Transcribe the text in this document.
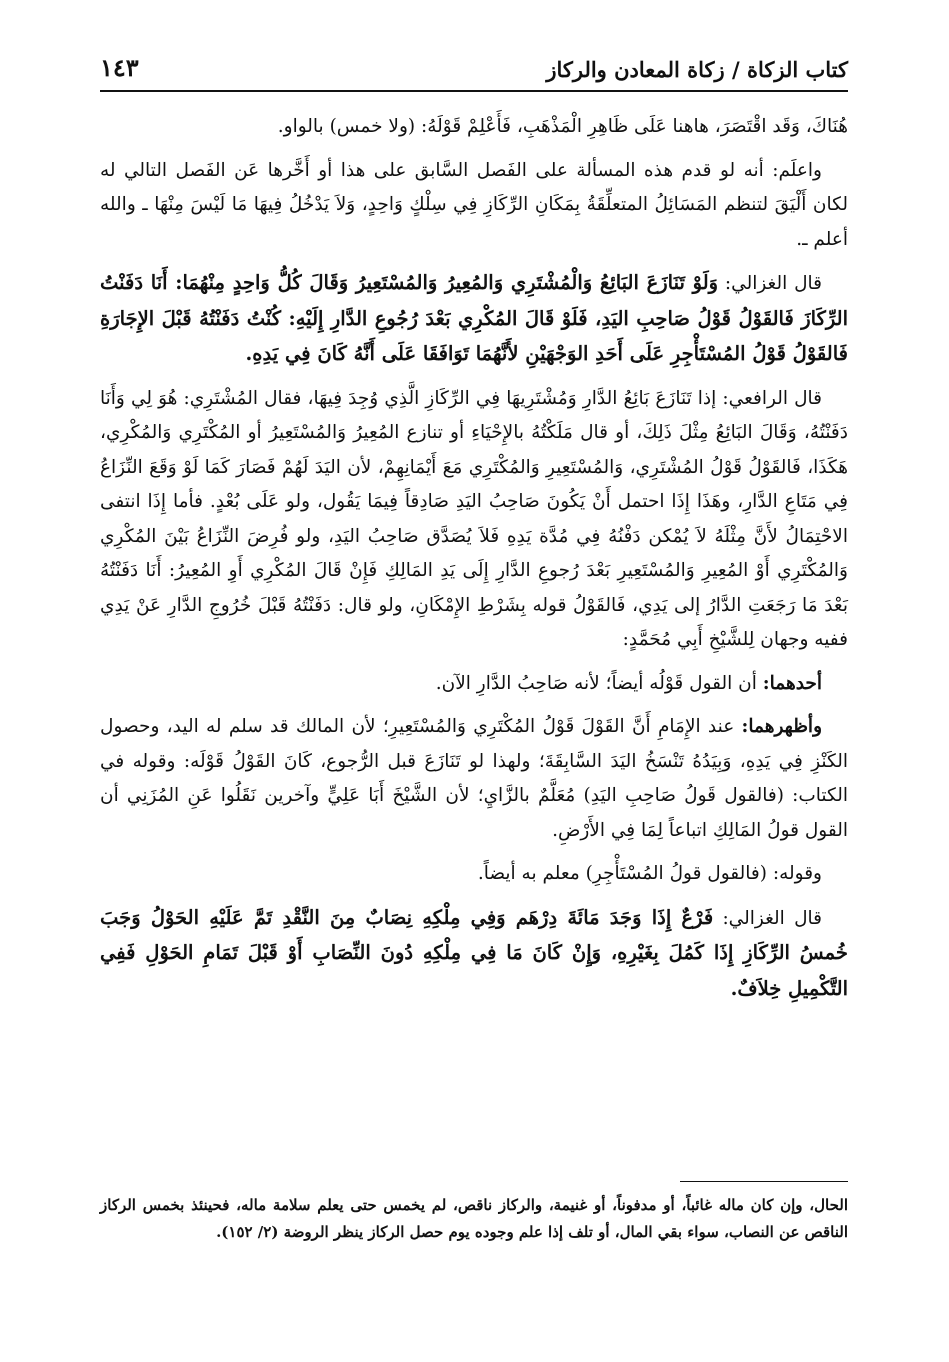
كتاب الزكاة / زكاة المعادن والركاز
١٤٣

هُنَاكَ، وَقَد اقْتَصَرَ، هاهنا عَلَى ظَاهِرِ الْمَذْهَبِ، فَأَعْلِمْ قَوْلَهُ: (ولا خمس) بالواو.

واعلَم: أنه لو قدم هذه المسألة على الفَصل السَّابق على هذا أو أَخَّرها عَن الفَصل التالي له لكان أَلْيَقَ لتنظم المَسَائِلُ المتعلِّقَةُ بِمَكَانِ الرِّكَازِ فِي سِلْكٍ وَاحِدٍ، وَلاَ يَدْخُلُ فِيهَا مَا لَيْسَ مِنْهَا ـ والله أعلم ـ.

قال الغزالي: وَلَوْ تَنَازَعَ البَائِعُ وَالْمُشْتَرِي وَالمُعِيرُ وَالمُسْتَعِيرُ وَقَالَ كُلُّ وَاحِدٍ مِنْهُمَا: أَنَا دَفَنْتُ الرِّكَازَ فَالقَوْلُ قَوْلُ صَاحِبِ اليَدِ، فَلَوْ قَالَ المُكْرِي بَعْدَ رُجُوعِ الدَّارِ إِلَيْهِ: كُنْتُ دَفَنْتُهُ قَبْلَ الإِجَارَةِ فَالقَوْلُ قَوْلُ المُسْتَأْجِرِ عَلَى أَحَدِ الوَجْهَيْنِ لأَنَّهُمَا تَوَافَقَا عَلَى أَنَّهُ كَانَ فِي يَدِهِ.

قال الرافعي: إذا تَنَازَعَ بَائِعُ الدَّارِ وَمُشْتَرِيهَا فِي الرِّكَازِ الَّذِي وُجِدَ فِيهَا، فقال المُشْتَرِي: هُوَ لِي وَأَنَا دَفَنْتُهُ، وَقَالَ البَائِعُ مِثْلَ ذَلِكَ، أو قال مَلَكْتُهُ بالإِحْيَاءِ أو تنازع المُعِيرُ وَالمُسْتَعِيرُ أو المُكْتَرِي وَالمُكْرِي، هَكَذَا، فَالقَوْلُ قَوْلُ المُشْتَرِي، وَالمُسْتَعِيرِ وَالمُكْتَرِي مَعَ أَيْمَانِهِمْ، لأن اليَدَ لَهُمْ فَصَارَ كَمَا لَوْ وَقَعَ النِّزَاعُ فِي مَتَاعِ الدَّارِ، وهَذَا إِذَا احتمل أَنْ يَكُونَ صَاحِبُ اليَدِ صَادِقاً فِيمَا يَقُول، ولو عَلَى بُعْدٍ. فأما إِذَا انتفى الاحْتِمَالُ لأَنَّ مِثْلَهُ لاَ يُمْكن دَفْنُهُ فِي مُدَّة يَدِهِ فَلاَ يُصَدَّق صَاحِبُ اليَدِ، ولو فُرِضَ النِّزَاعُ بَيْنَ المُكْرِي وَالمُكْتَرِي أَوْ المُعِيرِ وَالمُسْتَعِيرِ بَعْدَ رُجوعِ الدَّارِ إِلَى يَدِ المَالِكِ فَإِنْ قَالَ المُكْرِي أَوِ المُعِيرُ: أَنَا دَفَنْتُهُ بَعْدَ مَا رَجَعَتِ الدَّارُ إلى يَدِي، فَالقَوْلُ قوله بِشَرْطِ الإِمْكَانِ، ولو قال: دَفَنْتُهُ قَبْلَ خُرُوجِ الدَّارِ عَنْ يَدِي ففيه وجهان لِلشَّيْخِ أَبِي مُحَمَّدٍ:

أحدهما: أن القول قَوْلُه أيضاً؛ لأنه صَاحِبُ الدَّارِ الآن.

وأظهرهما: عند الإِمَامِ أَنَّ القَوْلَ قَوْلُ المُكْتَرِي وَالمُسْتَعِيرِ؛ لأن المالك قد سلم له اليد، وحصول الكَنْزِ فِي يَدِهِ، وَبِيَدُهُ تَنْسَخُ اليَدَ السَّابِقَةَ؛ ولهذا لو تَنَازَعَ قبل الرُّجوع، كَانَ القَوْلُ قَوْلَه: وقوله في الكتاب: (فالقول قَولُ صَاحِبِ اليَدِ) مُعَلَّمٌ بالزَّايِ؛ لأن الشَّيْخَ أَبَا عَلِيٍّ وآخرين نَقَلُوا عَنِ المُزَنِي أن القول قولُ المَالِكِ اتباعاً لِمَا فِي الأَرْضِ.

وقوله: (فالقول قولُ المُسْتَأْجِرِ) معلم به أيضاً.

قال الغزالي: فَرْعٌ إِذَا وَجَدَ مَائَةَ دِرْهَم وَفِي مِلْكِهِ نِصَابٌ مِنَ النَّقْدِ تَمَّ عَلَيْهِ الحَوْلُ وَجَبَ خُمسُ الرِّكَازِ إِذَا كَمُلَ بِغَيْرِهِ، وَإِنْ كَانَ مَا فِي مِلْكِهِ دُونَ النِّصَابِ أَوْ قَبْلَ تَمَامِ الحَوْلِ فَفِي التَّكْمِيلِ خِلاَفٌ.

الحال، وإن كان ماله غائباً، أو مدفوناً، أو غنيمة، والركاز ناقص، لم يخمس حتى يعلم سلامة ماله، فحينئذ بخمس الركاز الناقص عن النصاب، سواء بقي المال، أو تلف إذا علم وجوده يوم حصل الركاز ينظر الروضة (٢/ ١٥٢).
